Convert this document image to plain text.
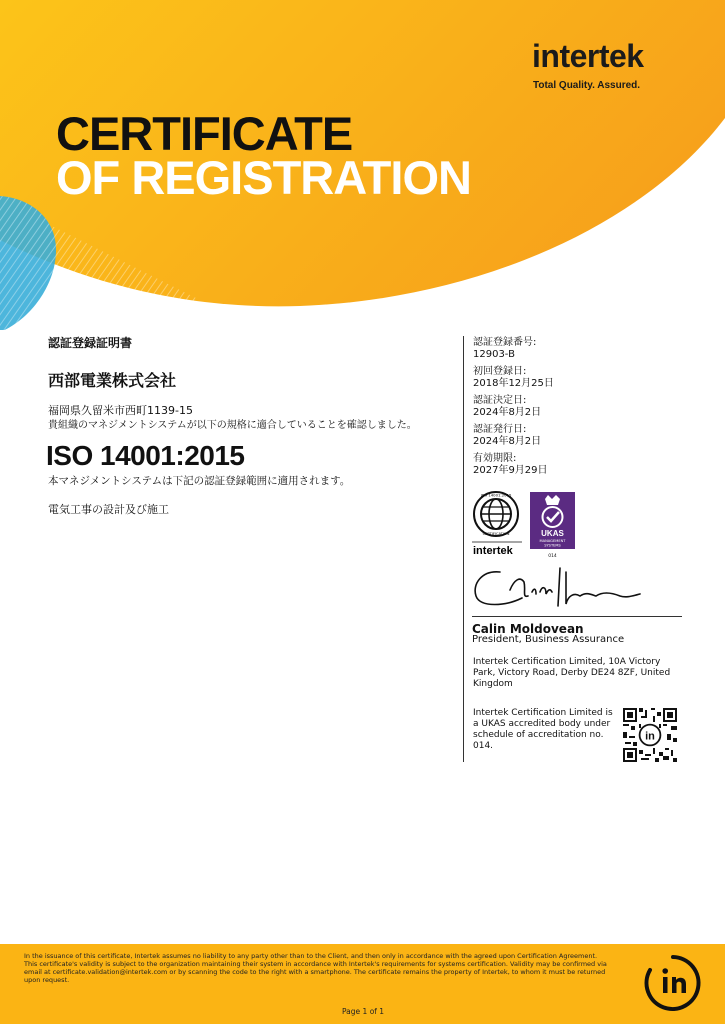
intertek
Total Quality. Assured.
CERTIFICATE
OF REGISTRATION
認証登録証明書
西部電業株式会社
福岡県久留米市西町1139-15
貴組織のマネジメントシステムが以下の規格に適合していることを確認しました。
ISO 14001:2015
本マネジメントシステムは下記の認証登録範囲に適用されます。
電気工事の設計及び施工
認証登録番号:
12903-B
初回登録日:
2018年12月25日
認証決定日:
2024年8月2日
認証発行日:
2024年8月2日
有効期限:
2027年9月29日
ISO 14001:2015
CERTIFICATION
intertek
UKAS
MANAGEMENT
SYSTEMS
014
Calin Moldovean
President, Business Assurance
Intertek Certification Limited, 10A Victory Park, Victory Road, Derby DE24 8ZF, United Kingdom
Intertek Certification Limited is a UKAS accredited body under schedule of accreditation no. 014.
in
In the issuance of this certificate, Intertek assumes no liability to any party other than to the Client, and then only in accordance with the agreed upon Certification Agreement. This certificate's validity is subject to the organization maintaining their system in accordance with Intertek's requirements for systems certification. Validity may be confirmed via email at certificate.validation@intertek.com or by scanning the code to the right with a smartphone. The certificate remains the property of Intertek, to whom it must be returned upon request.
Page 1 of 1
